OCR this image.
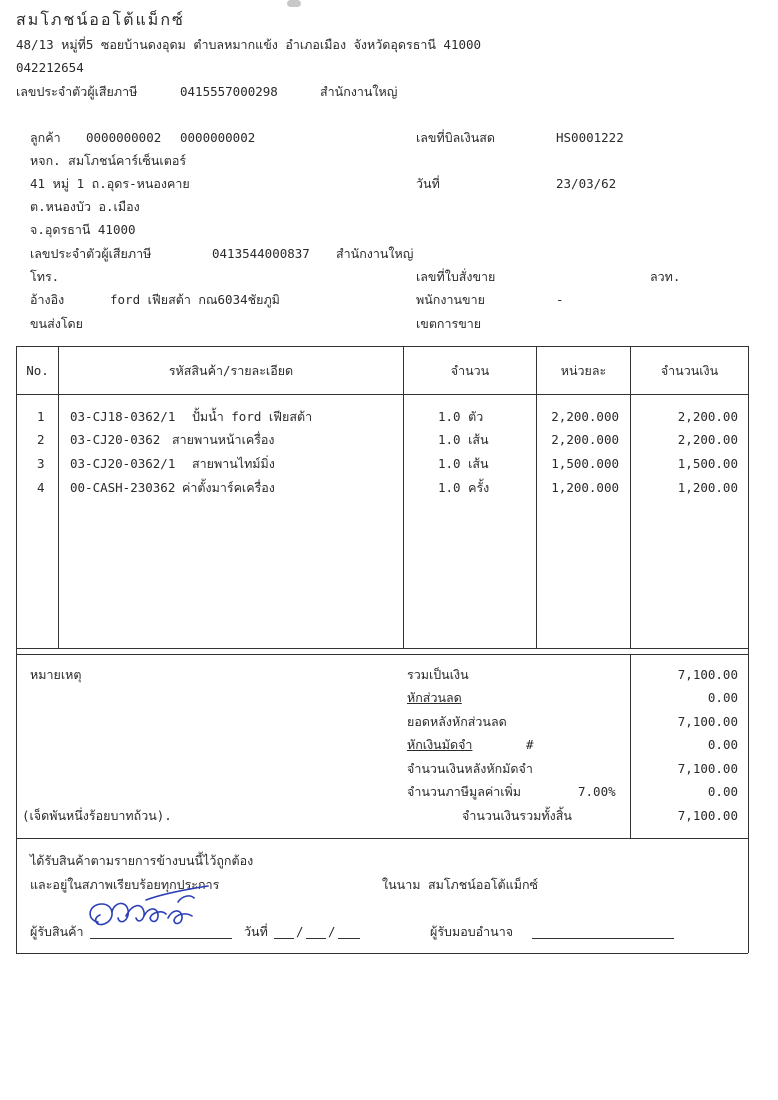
สมโภชน์ออโต้แม็กซ์
48/13 หมู่ที่5 ซอยบ้านดงอุดม ตำบลหมากแข้ง อำเภอเมือง จังหวัดอุดรธานี 41000
042212654
เลขประจำตัวผู้เสียภาษี	0415557000298	สำนักงานใหญ่
ลูกค้า 0000000002 0000000002
หจก. สมโภชน์คาร์เซ็นเตอร์
41 หมู่ 1 ถ.อุดร-หนองคาย
ต.หนองบัว อ.เมือง
จ.อุดรธานี 41000
เลขประจำตัวผู้เสียภาษี	0413544000837 สำนักงานใหญ่
โทร.
อ้างอิง	ford เฟียสต้า กณ6034ชัยภูมิ
ขนส่งโดย
เลขที่บิลเงินสด	HS0001222
วันที่	23/03/62
เลขที่ใบสั่งขาย	ลวท.
พนักงานขาย	-
เขตการขาย
No.	รหัสสินค้า/รายละเอียด	จำนวน	หน่วยละ	จำนวนเงิน
1 03-CJ18-0362/1 ปั้มน้ำ ford เฟียสต้า	1.0 ตัว	2,200.000	2,200.00
2 03-CJ20-0362 สายพานหน้าเครื่อง	1.0 เส้น	2,200.000	2,200.00
3 03-CJ20-0362/1 สายพานไทม์มิ่ง	1.0 เส้น	1,500.000	1,500.00
4 00-CASH-230362 ค่าตั้งมาร์คเครื่อง	1.0 ครั้ง	1,200.000	1,200.00
หมายเหตุ
(เจ็ดพันหนึ่งร้อยบาทถ้วน).
รวมเป็นเงิน	7,100.00
หักส่วนลด	0.00
ยอดหลังหักส่วนลด	7,100.00
หักเงินมัดจำ	#	0.00
จำนวนเงินหลังหักมัดจำ	7,100.00
จำนวนภาษีมูลค่าเพิ่ม	7.00%	0.00
จำนวนเงินรวมทั้งสิ้น	7,100.00
ได้รับสินค้าตามรายการข้างบนนี้ไว้ถูกต้อง
และอยู่ในสภาพเรียบร้อยทุกประการ	ในนาม สมโภชน์ออโต้แม็กซ์
ผู้รับสินค้า	วันที่ / /	ผู้รับมอบอำนาจ
